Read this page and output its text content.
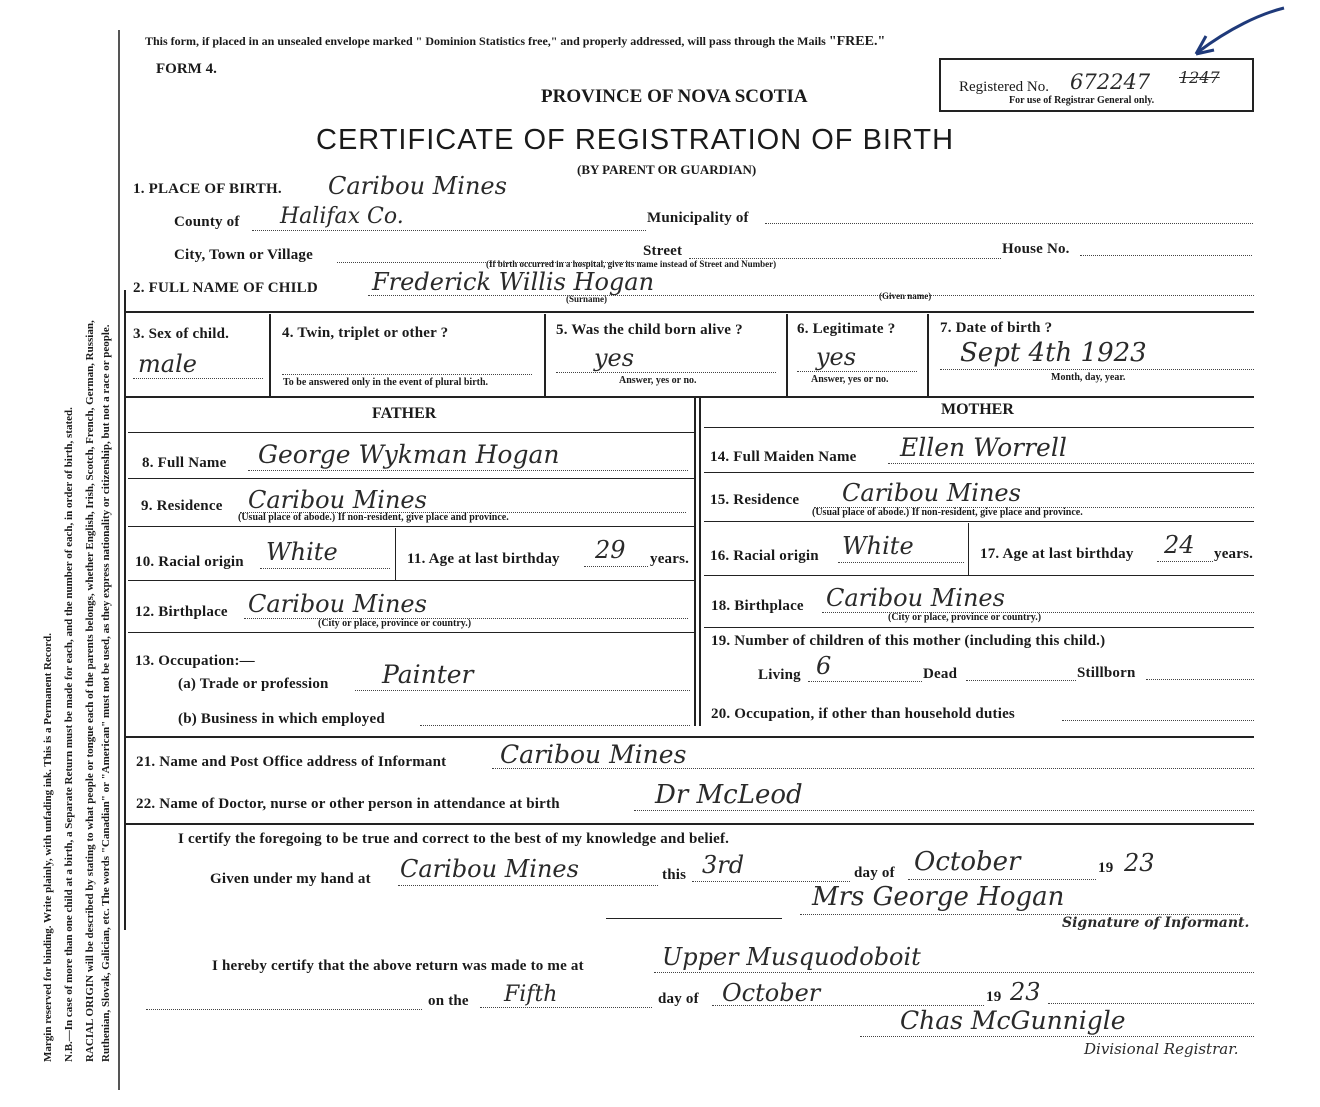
Margin reserved for binding. Write plainly, with unfading ink. This is a Permanent Record. N.B.—In case of more than one child at a birth, a Separate Return must be made for each, and the number of each, in order of birth, stated. RACIAL ORIGIN will be described by stating to what people or tongue each of the parents belongs, whether English, Irish, Scotch, French, German, Russian, Ruthenian, Slovak, Galician, etc. The words "Canadian" or "American" must not be used, as they express nationality or citizenship, but not a race or people.
This form, if placed in an unsealed envelope marked " Dominion Statistics free," and properly addressed, will pass through the Mails "FREE."
FORM 4.
PROVINCE OF NOVA SCOTIA	Registered No. 672247 1247
For use of Registrar General only.
CERTIFICATE OF REGISTRATION OF BIRTH
(BY PARENT OR GUARDIAN)
1. PLACE OF BIRTH. Caribou Mines
County of Halifax Co.	Municipality of
City, Town or Village	Street	House No.
(If birth occurred in a hospital, give its name instead of Street and Number)
2. FULL NAME OF CHILD Frederick Willis Hogan
(Surname)	(Given name)
3. Sex of child.
male
4. Twin, triplet or other ?
To be answered only in the event of plural birth.
5. Was the child born alive ?
yes
Answer, yes or no.
6. Legitimate ?
yes
Answer, yes or no.
7. Date of birth ?
Sept 4th 1923
Month, day, year.
FATHER
8. Full Name George Wykman Hogan
9. Residence Caribou Mines
(Usual place of abode.) If non-resident, give place and province.
10. Racial origin White	11. Age at last birthday 29 years.
12. Birthplace Caribou Mines
(City or place, province or country.)
13. Occupation:—
(a) Trade or profession Painter
(b) Business in which employed
MOTHER
14. Full Maiden Name Ellen Worrell
15. Residence Caribou Mines
(Usual place of abode.) If non-resident, give place and province.
16. Racial origin White	17. Age at last birthday 24 years.
18. Birthplace Caribou Mines
(City or place, province or country.)
19. Number of children of this mother (including this child.)
Living 6	Dead	Stillborn
20. Occupation, if other than household duties
21. Name and Post Office address of Informant Caribou Mines
22. Name of Doctor, nurse or other person in attendance at birth	Dr McLeod
I certify the foregoing to be true and correct to the best of my knowledge and belief.
Given under my hand at Caribou Mines	this 3rd	day of October	19 23
Mrs George Hogan
Signature of Informant.
I hereby certify that the above return was made to me at	Upper Musquodoboit
on the Fifth	day of October	19 23
Chas McGunnigle
Divisional Registrar.
